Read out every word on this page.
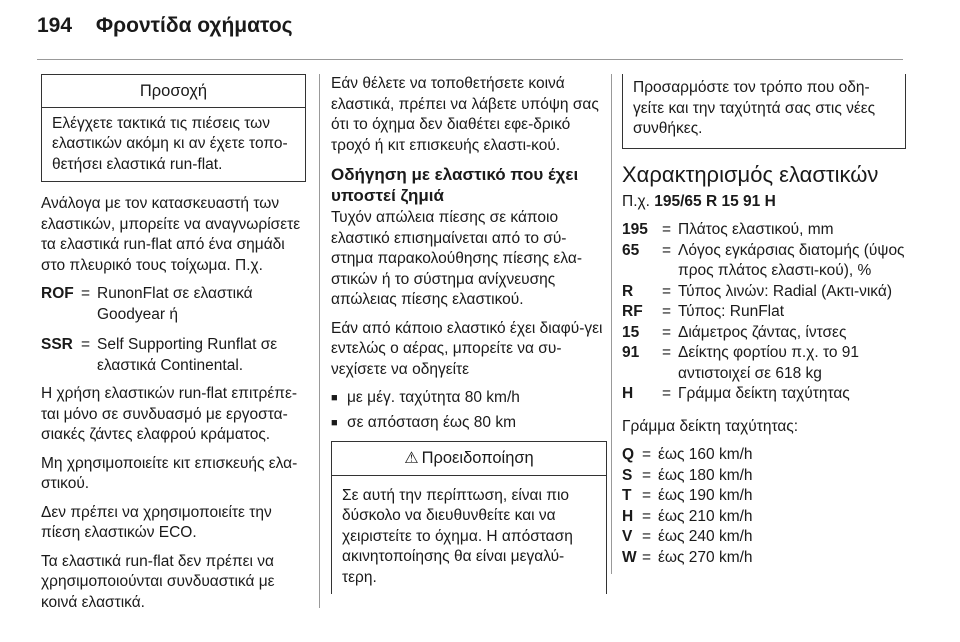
194 Φροντίδα οχήματος
Προσοχή

Ελέγχετε τακτικά τις πιέσεις των ελαστικών ακόμη κι αν έχετε τοπο-θετήσει ελαστικά run-flat.

Ανάλογα με τον κατασκευαστή των ελαστικών, μπορείτε να αναγνωρίσετε τα ελαστικά run-flat από ένα σημάδι στο πλευρικό τους τοίχωμα. Π.χ.

ROF = RunonFlat σε ελαστικά Goodyear ή
SSR = Self Supporting Runflat σε ελαστικά Continental.

Η χρήση ελαστικών run-flat επιτρέπε-ται μόνο σε συνδυασμό με εργοστα-σιακές ζάντες ελαφρού κράματος.

Μη χρησιμοποιείτε κιτ επισκευής ελα-στικού.

Δεν πρέπει να χρησιμοποιείτε την πίεση ελαστικών ECO.

Τα ελαστικά run-flat δεν πρέπει να χρησιμοποιούνται συνδυαστικά με κοινά ελαστικά.

Εάν θέλετε να τοποθετήσετε κοινά ελαστικά, πρέπει να λάβετε υπόψη σας ότι το όχημα δεν διαθέτει εφε-δρικό τροχό ή κιτ επισκευής ελαστι-κού.

Οδήγηση με ελαστικό που έχει υποστεί ζημιά

Τυχόν απώλεια πίεσης σε κάποιο ελαστικό επισημαίνεται από το σύ-στημα παρακολούθησης πίεσης ελα-στικών ή το σύστημα ανίχνευσης απώλειας πίεσης ελαστικού.

Εάν από κάποιο ελαστικό έχει διαφύ-γει εντελώς ο αέρας, μπορείτε να συ-νεχίσετε να οδηγείτε

■ με μέγ. ταχύτητα 80 km/h
■ σε απόσταση έως 80 km
⚠ Προειδοποίηση

Σε αυτή την περίπτωση, είναι πιο δύσκολο να διευθυνθείτε και να χειριστείτε το όχημα. Η απόσταση ακινητοποίησης θα είναι μεγαλύ-τερη.

Προσαρμόστε τον τρόπο που οδη-γείτε και την ταχύτητά σας στις νέες συνθήκες.

Χαρακτηρισμός ελαστικών

Π.χ. 195/65 R 15 91 H

195 = Πλάτος ελαστικού, mm
65	= Λόγος εγκάρσιας διατομής (ύψος προς πλάτος ελαστι-κού), %
R	= Τύπος λινών: Radial (Ακτι-νικά)
RF	= Τύπος: RunFlat
15	= Διάμετρος ζάντας, ίντσες
91	= Δείκτης φορτίου π.χ. το 91 αντιστοιχεί σε 618 kg
H	= Γράμμα δείκτη ταχύτητας

Γράμμα δείκτη ταχύτητας:

Q = έως 160 km/h
S = έως 180 km/h
T = έως 190 km/h
H = έως 210 km/h
V = έως 240 km/h
W = έως 270 km/h
